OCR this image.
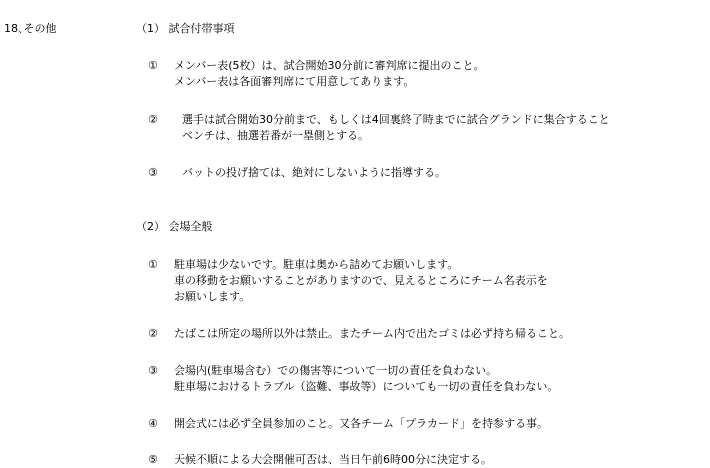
18､その他	（1） 試合付帯事項

① メンバー表(5枚）は、試合開始30分前に審判席に提出のこと。

メンバー表は各面審判席にて用意してあります。

② 選手は試合開始30分前まで、もしくは4回裏終了時までに試合グランドに集合すること

ベンチは、抽選若番が一塁側とする。

③ バットの投げ捨ては、絶対にしないように指導する。

（2） 会場全般

① 駐車場は少ないです。駐車は奥から詰めてお願いします。

車の移動をお願いすることがありますので、見えるところにチーム名表示を

お願いします。

② たばこは所定の場所以外は禁止。またチーム内で出たゴミは必ず持ち帰ること。

③ 会場内(駐車場含む）での傷害等について一切の責任を負わない。

駐車場におけるトラブル（盗難、事故等）についても一切の責任を負わない。

④ 開会式には必ず全員参加のこと。又各チーム「プラカード」を持参する事。

⑤ 天候不順による大会開催可否は、当日午前6時00分に決定する。
